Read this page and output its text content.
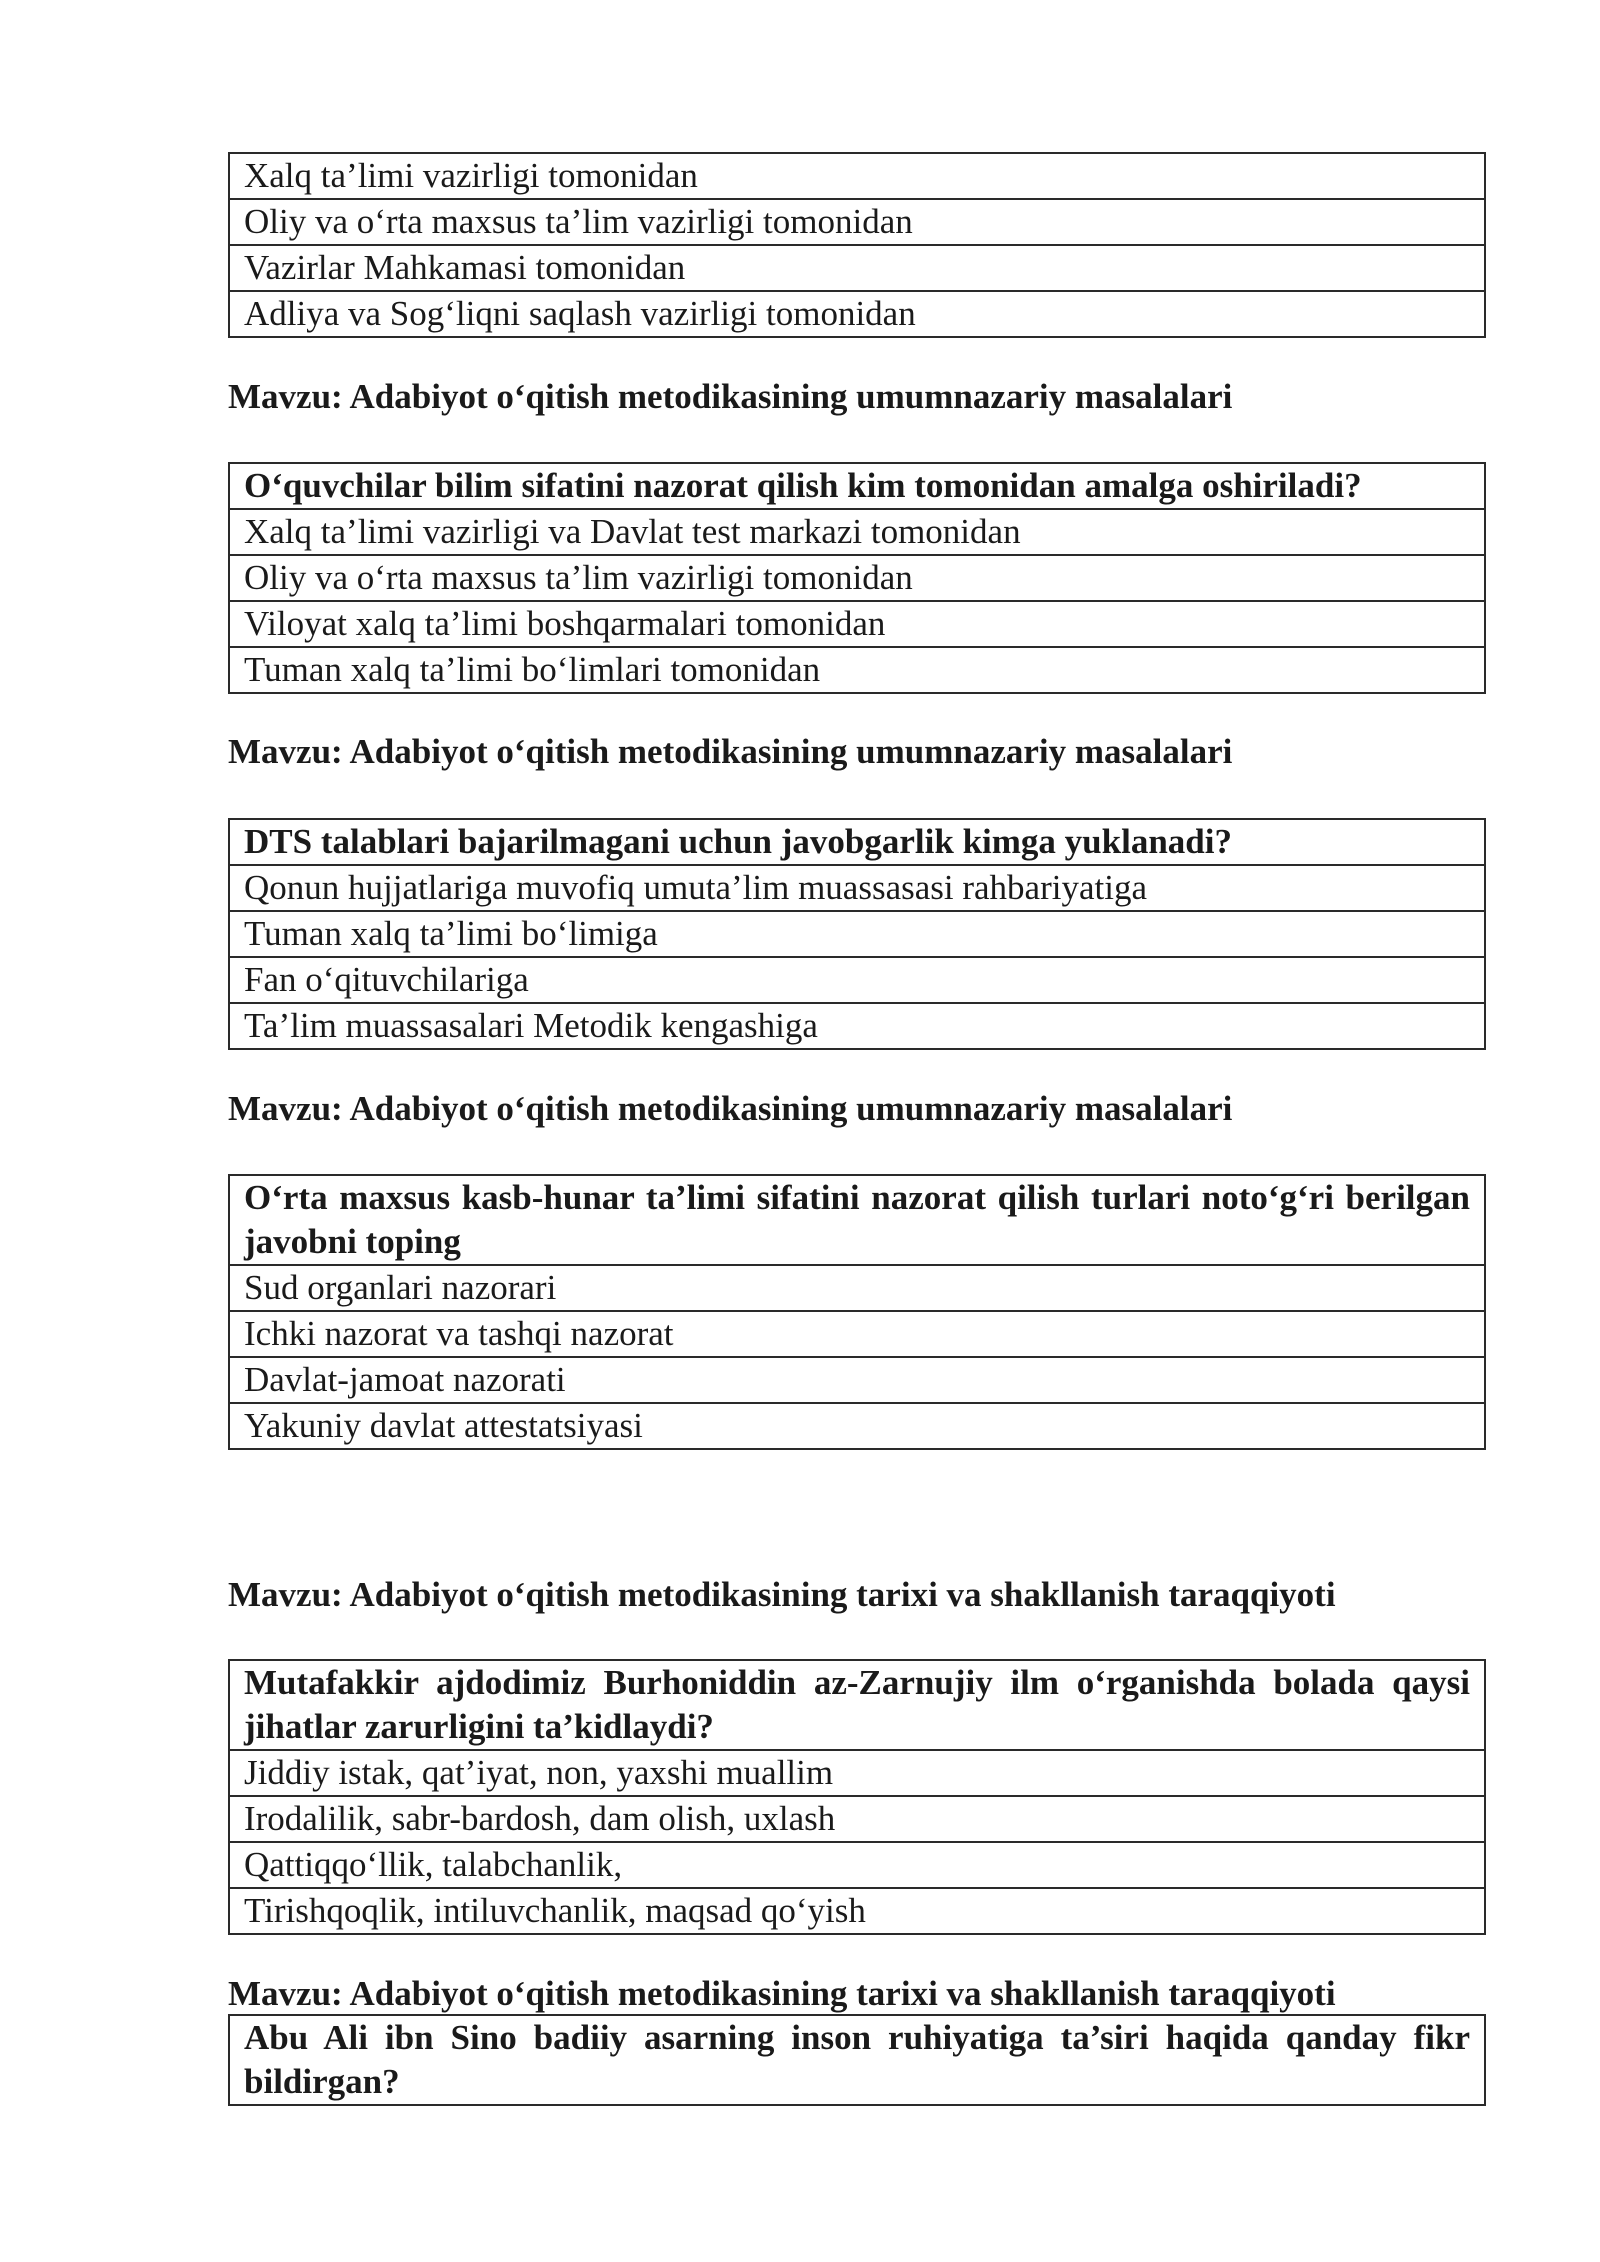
Xalq ta’limi vazirligi tomonidan
Oliy va o‘rta maxsus ta’lim vazirligi tomonidan
Vazirlar Mahkamasi tomonidan
Adliya va Sog‘liqni saqlash vazirligi tomonidan

Mavzu: Adabiyot o‘qitish metodikasining umumnazariy masalalari

O‘quvchilar bilim sifatini nazorat qilish kim tomonidan amalga oshiriladi?
Xalq ta’limi vazirligi va Davlat test markazi tomonidan
Oliy va o‘rta maxsus ta’lim vazirligi tomonidan
Viloyat xalq ta’limi boshqarmalari tomonidan
Tuman xalq ta’limi bo‘limlari tomonidan

Mavzu: Adabiyot o‘qitish metodikasining umumnazariy masalalari

DTS talablari bajarilmagani uchun javobgarlik kimga yuklanadi?
Qonun hujjatlariga muvofiq umuta’lim muassasasi rahbariyatiga
Tuman xalq ta’limi bo‘limiga
Fan o‘qituvchilariga
Ta’lim muassasalari Metodik kengashiga

Mavzu: Adabiyot o‘qitish metodikasining umumnazariy masalalari

O‘rta maxsus kasb-hunar ta’limi sifatini nazorat qilish turlari noto‘g‘ri berilgan javobni toping
Sud organlari nazorari
Ichki nazorat va tashqi nazorat
Davlat-jamoat nazorati
Yakuniy davlat attestatsiyasi

Mavzu: Adabiyot o‘qitish metodikasining tarixi va shakllanish taraqqiyoti

Mutafakkir ajdodimiz Burhoniddin az-Zarnujiy ilm o‘rganishda bolada qaysi jihatlar zarurligini ta’kidlaydi?
Jiddiy istak, qat’iyat, non, yaxshi muallim
Irodalilik, sabr-bardosh, dam olish, uxlash
Qattiqqo‘llik, talabchanlik,
Tirishqoqlik, intiluvchanlik, maqsad qo‘yish

Mavzu: Adabiyot o‘qitish metodikasining tarixi va shakllanish taraqqiyoti

Abu Ali ibn Sino badiiy asarning inson ruhiyatiga ta’siri haqida qanday fikr bildirgan?
